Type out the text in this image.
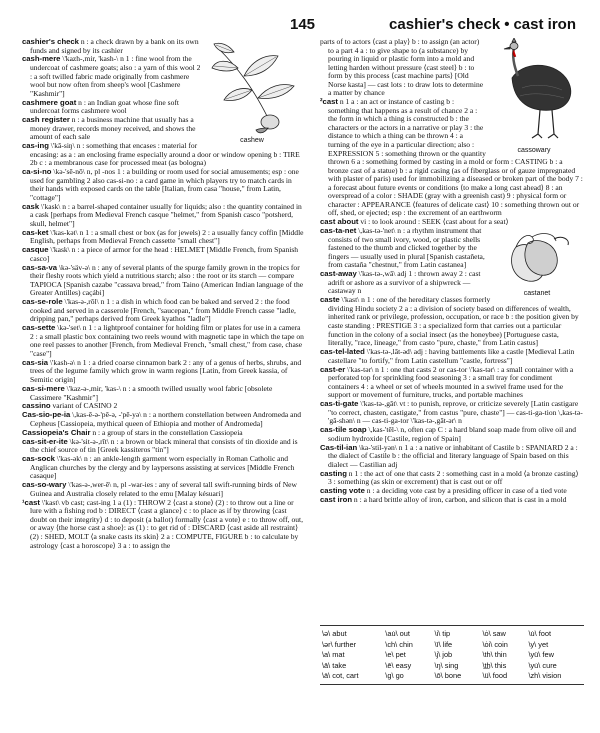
145	cashier's check • cast iron
cashew
cashier's check n : a check drawn by a bank on its own funds and signed by its cashier
cash-mere \'kazh-,mir, 'kash-\ n 1 : fine wool from the undercoat of cashmere goats; also : a yarn of this wool 2 : a soft twilled fabric made originally from cashmere wool but now often from sheep's wool [Cashmere "Kashmir"]
cashmere goat n : an Indian goat whose fine soft undercoat forms cashmere wool
cash register n : a business machine that usually has a money drawer, records money received, and shows the amount of each sale
cas-ing \'kā-siŋ\ n : something that encases : material for encasing: as a : an enclosing frame especially around a door or window opening b : TIRE 2b c : a membranous case for processed meat (as bologna)
ca-si-no \kə-'sē-nō\ n, pl -nos 1 : a building or room used for social amusements; esp : one used for gambling 2 also cas-si-no : a card game in which players try to match cards in their hands with exposed cards on the table [Italian, from casa "house," from Latin, "cottage"]
cask \'kask\ n : a barrel-shaped container usually for liquids; also : the quantity contained in a cask [perhaps from Medieval French casque "helmet," from Spanish casco "potsherd, skull, helmet"]
cas-ket \'kas-kət\ n 1 : a small chest or box (as for jewels) 2 : a usually fancy coffin [Middle English, perhaps from Medieval French cassette "small chest"]
casque \'kask\ n : a piece of armor for the head : HELMET [Middle French, from Spanish casco]
cas-sa-va \kə-'säv-ə\ n : any of several plants of the spurge family grown in the tropics for their fleshy roots which yield a nutritious starch; also : the root or its starch — compare TAPIOCA [Spanish cazabe "cassava bread," from Taino (American Indian language of the Greater Antilles) caçábi]
cas-se-role \'kas-ə-,rōl\ n 1 : a dish in which food can be baked and served 2 : the food cooked and served in a casserole [French, "saucepan," from Middle French casse "ladle, dripping pan," perhaps derived from Greek kyathos "ladle"]
cas-sette \kə-'set\ n 1 : a lightproof container for holding film or plates for use in a camera 2 : a small plastic box containing two reels wound with magnetic tape in which the tape on one reel passes to another [French, from Medieval French, "small chest," from case, chase "case"]
cas-sia \'kash-ə\ n 1 : a dried coarse cinnamon bark 2 : any of a genus of herbs, shrubs, and trees of the legume family which grow in warm regions [Latin, from Greek kassia, of Semitic origin]
cas-si-mere \'kaz-ə-,mir, 'kas-\ n : a smooth twilled usually wool fabric [obsolete Cassimere "Kashmir"]
cassino variant of CASINO 2
Cas-sio-pe-ia \,kas-ē-ə-'pē-ə, -'pē-yə\ n : a northern constellation between Andromeda and Cepheus [Cassiopeia, mythical queen of Ethiopia and mother of Andromeda]
Cassiopeia's Chair n : a group of stars in the constellation Cassiopeia
cas-sit-er-ite \kə-'sit-ə-,rīt\ n : a brown or black mineral that consists of tin dioxide and is the chief source of tin [Greek kassiteros "tin"]
cas-sock \'kas-ək\ n : an ankle-length garment worn especially in Roman Catholic and Anglican churches by the clergy and by laypersons assisting at services [Middle French casaque]
cas-so-wary \'kas-ə-,wer-ē\ n, pl -war-ies : any of several tall swift-running birds of New Guinea and Australia closely related to the emu [Malay késuari]
¹cast \'kast\ vb cast; cast-ing 1 a (1) : THROW 2 ⟨cast a stone⟩ (2) : to throw out a line or lure with a fishing rod b : DIRECT ⟨cast a glance⟩ c : to place as if by throwing ⟨cast doubt on their integrity⟩ d : to deposit (a ballot) formally ⟨cast a vote⟩ e : to throw off, out, or away ⟨the horse cast a shoe⟩: as (1) : to get rid of : DISCARD ⟨cast aside all restraint⟩ (2) : SHED, MOLT ⟨a snake casts its skin⟩ 2 a : COMPUTE, FIGURE b : to calculate by astrology ⟨cast a horoscope⟩ 3 a : to assign the
cassowary
parts of to actors ⟨cast a play⟩ b : to assign (an actor) to a part 4 a : to give shape to (a substance) by pouring in liquid or plastic form into a mold and letting harden without pressure ⟨cast steel⟩ b : to form by this process ⟨cast machine parts⟩ [Old Norse kasta] — cast lots : to draw lots to determine a matter by chance
²cast n 1 a : an act or instance of casting b : something that happens as a result of chance 2 a : the form in which a thing is constructed b : the characters or the actors in a narrative or play 3 : the distance to which a thing can be thrown 4 : a turning of the eye in a particular direction; also : EXPRESSION 5 : something thrown or the quantity thrown 6 a : something formed by casting in a mold or form : CASTING b : a bronze cast of a statue) b : a rigid casing (as of fiberglass or of gauze impregnated with plaster of paris) used for immobilizing a diseased or broken part of the body 7 : a forecast about future events or conditions ⟨to make a long cast ahead⟩ 8 : an overspread of a color : SHADE (gray with a greenish cast) 9 : physical form or character : APPEARANCE ⟨features of delicate cast⟩ 10 : something thrown out or off, shed, or ejected; esp : the excrement of an earthworm
cast about vi : to look around : SEEK ⟨cast about for a seat⟩
castanet
cas-ta-net \,kas-tə-'net\ n : a rhythm instrument that consists of two small ivory, wood, or plastic shells fastened to the thumb and clicked together by the fingers — usually used in plural [Spanish castañeta, from castaña "chestnut," from Latin castanea]
cast-away \'kas-tə-,wā\ adj 1 : thrown away 2 : cast adrift or ashore as a survivor of a shipwreck — castaway n
caste \'kast\ n 1 : one of the hereditary classes formerly dividing Hindu society 2 a : a division of society based on differences of wealth, inherited rank or privilege, profession, occupation, or race b : the position given by caste standing : PRESTIGE 3 : a specialized form that carries out a particular function in the colony of a social insect (as the honeybee) [Portuguese casta, literally, "race, lineage," from casto "pure, chaste," from Latin castus]
cas-tel-lated \'kas-tə-,lāt-əd\ adj : having battlements like a castle [Medieval Latin castellare "to fortify," from Latin castellum "castle, fortress"]
cast-er \'kas-tər\ n 1 : one that casts 2 or cas-tor \'kas-tər\ : a small container with a perforated top for sprinkling food seasoning 3 : a small tray for condiment containers 4 : a wheel or set of wheels mounted in a swivel frame used for the support or movement of furniture, trucks, and portable machines
cas-ti-gate \'kas-tə-,gāt\ vt : to punish, reprove, or criticize severely [Latin castigare "to correct, chasten, castigate," from castus "pure, chaste"] — cas-ti-ga-tion \,kas-tə-'gā-shən\ n — cas-ti-ga-tor \'kas-tə-,gāt-ər\ n
cas-tile soap \,kas-'tēl-\ n, often cap C : a hard bland soap made from olive oil and sodium hydroxide [Castile, region of Spain]
Cas-til-ian \ka-'stil-yən\ n 1 a : a native or inhabitant of Castile b : SPANIARD 2 a : the dialect of Castile b : the official and literary language of Spain based on this dialect — Castilian adj
casting n 1 : the act of one that casts 2 : something cast in a mold ⟨a bronze casting⟩ 3 : something (as skin or excrement) that is cast out or off
casting vote n : a deciding vote cast by a presiding officer in case of a tied vote
cast iron n : a hard brittle alloy of iron, carbon, and silicon that is cast in a mold
\ə\ abut	\au̇\ out	\i\ tip	\ȯ\ saw	\u̇\ foot
\ər\ further	\ch\ chin	\ī\ life	\ȯi\ coin	\y\ yet
\a\ mat	\e\ pet	\j\ job	\th\ thin	\yü\ few
\ā\ take	\ē\ easy	\ŋ\ sing	\t͟h\ this	\yu̇\ cure
\ä\ cot, cart	\g\ go	\ō\ bone	\ü\ food	\zh\ vision
